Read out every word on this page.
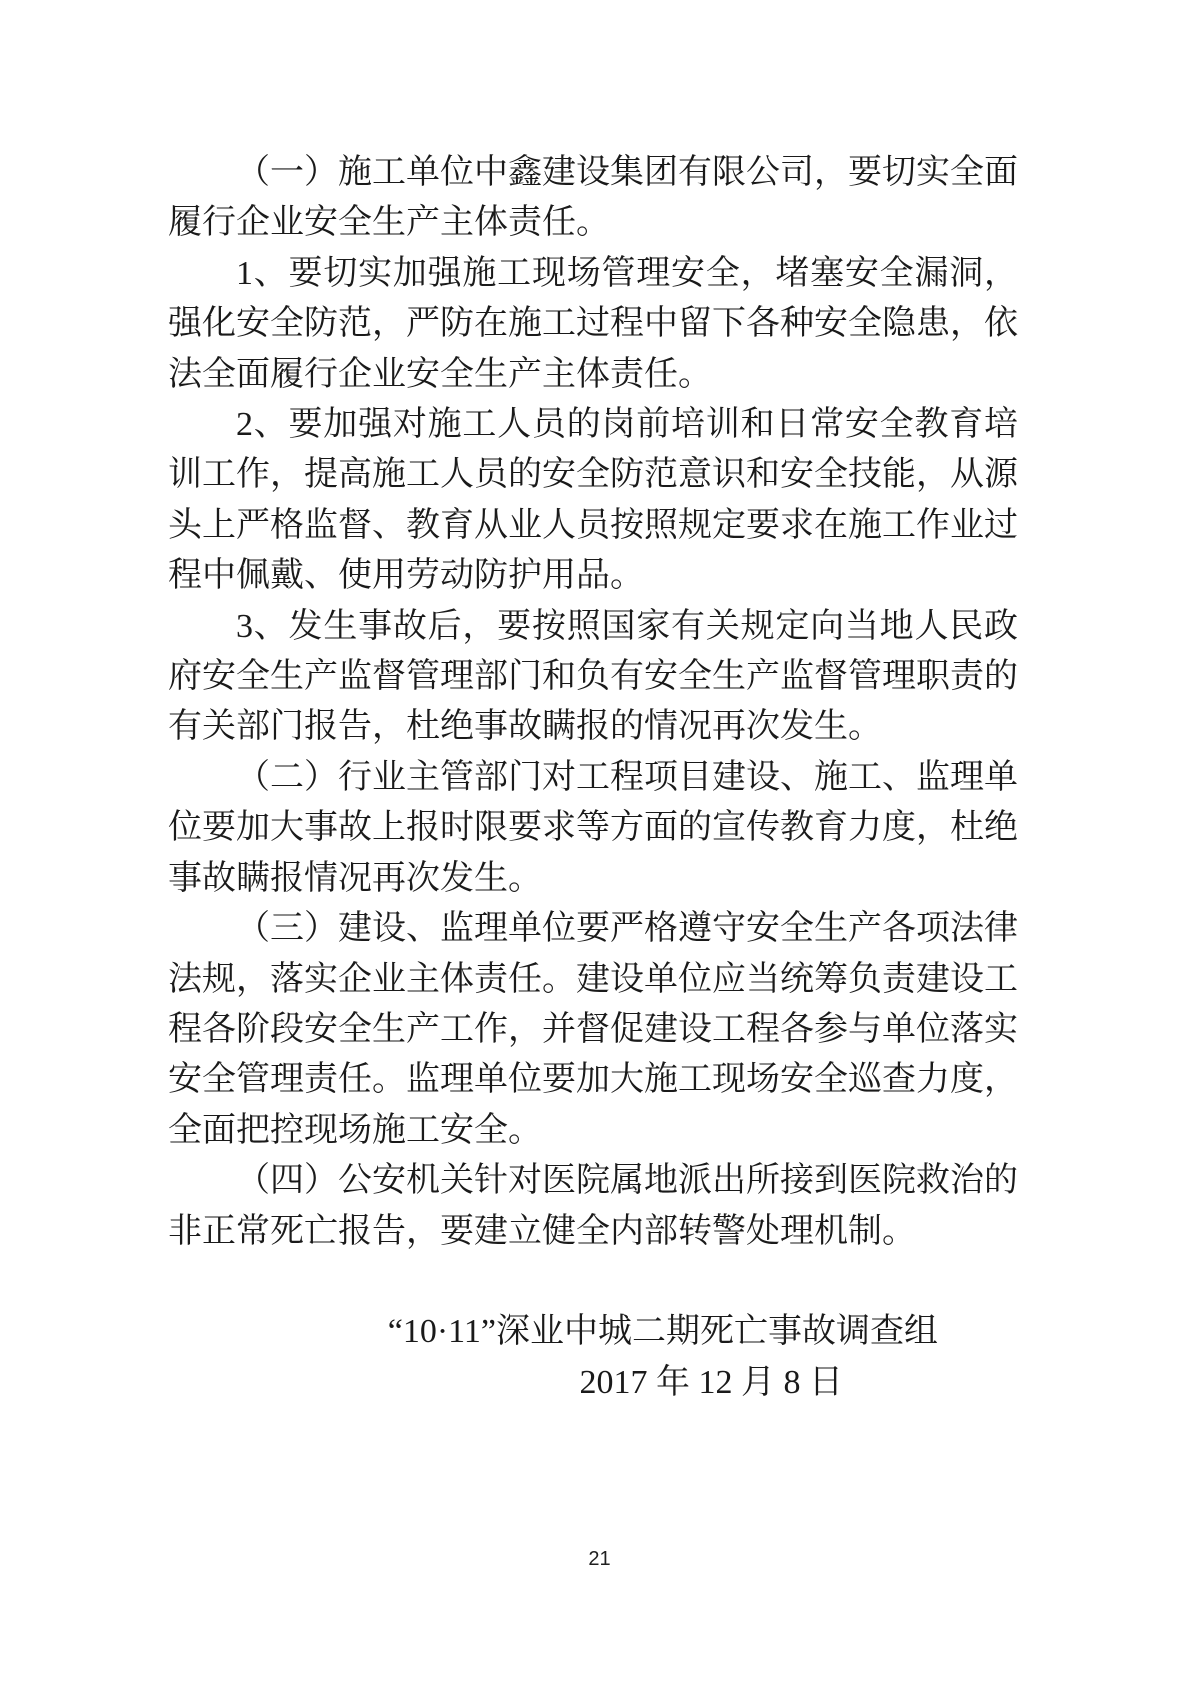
（一）施工单位中鑫建设集团有限公司，要切实全面履行企业安全生产主体责任。

1、要切实加强施工现场管理安全，堵塞安全漏洞，强化安全防范，严防在施工过程中留下各种安全隐患，依法全面履行企业安全生产主体责任。

2、要加强对施工人员的岗前培训和日常安全教育培训工作，提高施工人员的安全防范意识和安全技能，从源头上严格监督、教育从业人员按照规定要求在施工作业过程中佩戴、使用劳动防护用品。

3、发生事故后，要按照国家有关规定向当地人民政府安全生产监督管理部门和负有安全生产监督管理职责的有关部门报告，杜绝事故瞒报的情况再次发生。

（二）行业主管部门对工程项目建设、施工、监理单位要加大事故上报时限要求等方面的宣传教育力度，杜绝事故瞒报情况再次发生。

（三）建设、监理单位要严格遵守安全生产各项法律法规，落实企业主体责任。建设单位应当统筹负责建设工程各阶段安全生产工作，并督促建设工程各参与单位落实安全管理责任。监理单位要加大施工现场安全巡查力度，全面把控现场施工安全。

（四）公安机关针对医院属地派出所接到医院救治的非正常死亡报告，要建立健全内部转警处理机制。

“10·11”深业中城二期死亡事故调查组

2017 年 12 月 8 日

21
